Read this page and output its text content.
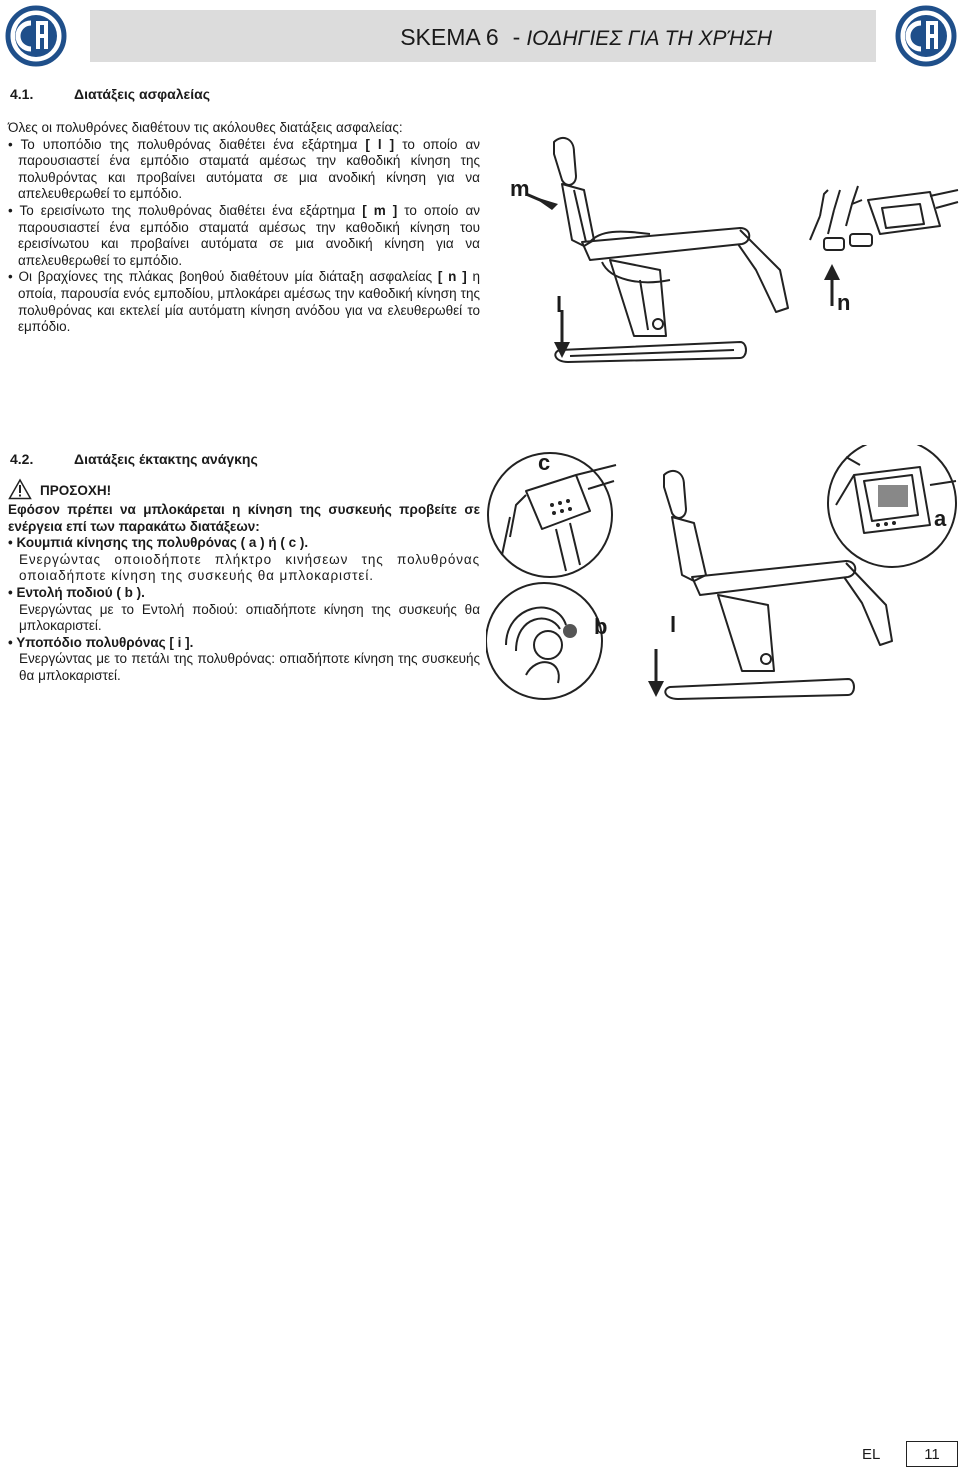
SKEMA 6 - ΙΟΔΗΓΙΕΣ ΓΙΑ ΤΗ ΧΡΉΣΗ
4.1.	Διατάξεις ασφαλείας

Όλες οι πολυθρόνες διαθέτουν τις ακόλουθες διατάξεις ασφαλείας:

• Το υποπόδιο της πολυθρόνας διαθέτει ένα εξάρτημα [ l ] το οποίο αν παρουσιαστεί ένα εμπόδιο σταματά αμέσως την καθοδική κίνηση της πολυθρόντας και προβαίνει αυτόματα σε μια ανοδική κίνηση για να απελευθερωθεί το εμπόδιο.

• Το ερεισίνωτο της πολυθρόνας διαθέτει ένα εξάρτημα [ m ] το οποίο αν παρουσιαστεί ένα εμπόδιο σταματά αμέσως την καθοδική κίνηση του ερεισίνωτου και προβαίνει αυτόματα σε μια ανοδική κίνηση για να απελευθερωθεί το εμπόδιο.

• Οι βραχίονες της πλάκας βοηθού διαθέτουν μία διάταξη ασφαλείας [ n ] η οποία, παρουσία ενός εμποδίου, μπλοκάρει αμέσως την καθοδική κίνηση της πολυθρόνας και εκτελεί μία αυτόματη κίνηση ανόδου για να ελευθερωθεί το εμπόδιο.

m
l	n
4.2.	Διατάξεις έκτακτης ανάγκης
ΠΡΟΣΟΧΗ!

Εφόσον πρέπει να μπλοκάρεται η κίνηση της συσκευής προβείτε σε ενέργεια επί των παρακάτω διατάξεων:

• Κουμπιά κίνησης της πολυθρόνας ( a ) ή ( c ).

Ενεργώντας οποιοδήποτε πλήκτρο κινήσεων της πολυθρόνας οποιαδήποτε κίνηση της συσκευής θα μπλοκαριστεί.

• Εντολή ποδιού ( b ).

Ενεργώντας με το Εντολή ποδιού: οπιαδήποτε κίνηση της συσκευής θα μπλοκαριστεί.

• Υποπόδιο πολυθρόνας [ i ].

Ενεργώντας με το πετάλι της πολυθρόνας: οπιαδήποτε κίνηση της συσκευής θα μπλοκαριστεί.

c
a
b	l
EL	11
